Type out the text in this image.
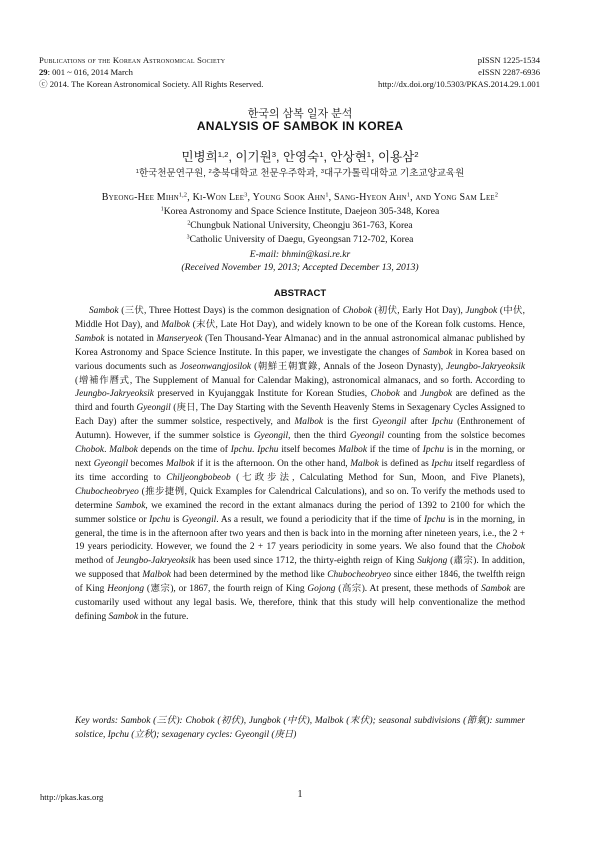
Publications of the Korean Astronomical Society
29: 001 ~ 016, 2014 March
ⓒ 2014. The Korean Astronomical Society. All Rights Reserved.
pISSN 1225-1534
eISSN 2287-6936
http://dx.doi.org/10.5303/PKAS.2014.29.1.001
한국의 삼복 일자 분석
ANALYSIS OF SAMBOK IN KOREA
민병희$^{1,2}$, 이기원$^3$, 안영숙$^1$, 안상현$^1$, 이용삼$^2$
$^1$한국천문연구원, $^2$충북대학교 천문우주학과, $^3$대구가톨릭대학교 기초교양교육원
Byeong-Hee Mihn$^{1,2}$, Ki-Won Lee$^3$, Young Sook Ahn$^1$, Sang-Hyeon Ahn$^1$, and Yong Sam Lee$^2$
$^1$Korea Astronomy and Space Science Institute, Daejeon 305-348, Korea
$^2$Chungbuk National University, Cheongju 361-763, Korea
$^3$Catholic University of Daegu, Gyeongsan 712-702, Korea
E-mail: bhmin@kasi.re.kr
(Received November 19, 2013; Accepted December 13, 2013)
ABSTRACT

Sambok (三伏, Three Hottest Days) is the common designation of Chobok (初伏, Early Hot Day), Jungbok (中伏, Middle Hot Day), and Malbok (末伏, Late Hot Day), and widely known to be one of the Korean folk customs. Hence, Sambok is notated in Manseryeok (Ten Thousand-Year Almanac) and in the annual astronomical almanac published by Korea Astronomy and Space Science Institute. In this paper, we investigate the changes of Sambok in Korea based on various documents such as Joseonwangjosilok (朝鮮王朝實錄, Annals of the Joseon Dynasty), Jeungbo-Jakryeoksik (增補作曆式, The Supplement of Manual for Calendar Making), astronomical almanacs, and so forth. According to Jeungbo-Jakryeoksik preserved in Kyujanggak Institute for Korean Studies, Chobok and Jungbok are defined as the third and fourth Gyeongil (庚日, The Day Starting with the Seventh Heavenly Stems in Sexagenary Cycles Assigned to Each Day) after the summer solstice, respectively, and Malbok is the first Gyeongil after Ipchu (Enthronement of Autumn). However, if the summer solstice is Gyeongil, then the third Gyeongil counting from the solstice becomes Chobok. Malbok depends on the time of Ipchu. Ipchu itself becomes Malbok if the time of Ipchu is in the morning, or next Gyeongil becomes Malbok if it is the afternoon. On the other hand, Malbok is defined as Ipchu itself regardless of its time according to Chiljeongbobeob (七政步法, Calculating Method for Sun, Moon, and Five Planets), Chubocheobryeo (推步捷例, Quick Examples for Calendrical Calculations), and so on. To verify the methods used to determine Sambok, we examined the record in the extant almanacs during the period of 1392 to 2100 for which the summer solstice or Ipchu is Gyeongil. As a result, we found a periodicity that if the time of Ipchu is in the morning, in general, the time is in the afternoon after two years and then is back into in the morning after nineteen years, i.e., the 2 + 19 years periodicity. However, we found the 2 + 17 years periodicity in some years. We also found that the Chobok method of Jeungbo-Jakryeoksik has been used since 1712, the thirty-eighth reign of King Sukjong (肅宗). In addition, we supposed that Malbok had been determined by the method like Chubocheobryeo since either 1846, the twelfth reign of King Heonjong (憲宗), or 1867, the fourth reign of King Gojong (高宗). At present, these methods of Sambok are customarily used without any legal basis. We, therefore, think that this study will help conventionalize the method defining Sambok in the future.

Key words: Sambok (三伏): Chobok (初伏), Jungbok (中伏), Malbok (末伏); seasonal subdivisions (節氣): summer solstice, Ipchu (立秋); sexagenary cycles: Gyeongil (庚日)

http://pkas.kas.org	1
